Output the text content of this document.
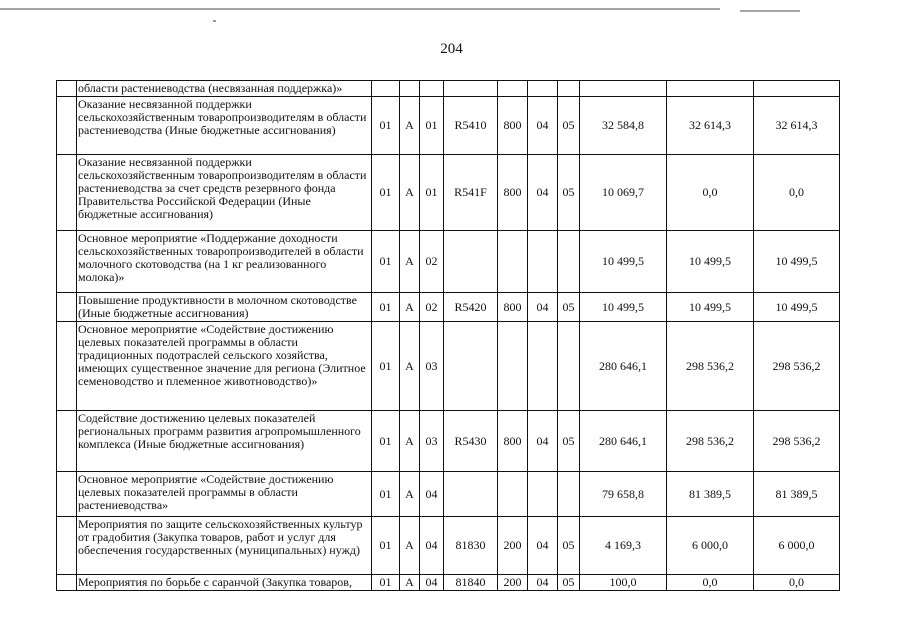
204
	области растениеводства (несвязанная поддержка)»										
	Оказание несвязанной поддержки сельскохозяйственным товаропроизводителям в области растениеводства (Иные бюджетные ассигнования)	01	А	01	R5410	800	04	05	32 584,8	32 614,3	32 614,3
	Оказание несвязанной поддержки сельскохозяйственным товаропроизводителям в области растениеводства за счет средств резервного фонда Правительства Российской Федерации (Иные бюджетные ассигнования)	01	А	01	R541F	800	04	05	10 069,7	0,0	0,0
	Основное мероприятие «Поддержание доходности сельскохозяйственных товаропроизводителей в области молочного скотоводства (на 1 кг реализованного молока)»	01	А	02					10 499,5	10 499,5	10 499,5
	Повышение продуктивности в молочном скотоводстве (Иные бюджетные ассигнования)	01	А	02	R5420	800	04	05	10 499,5	10 499,5	10 499,5
	Основное мероприятие «Содействие достижению целевых показателей программы в области традиционных подотраслей сельского хозяйства, имеющих существенное значение для региона (Элитное семеноводство и племенное животноводство)»	01	А	03					280 646,1	298 536,2	298 536,2
	Содействие достижению целевых показателей региональных программ развития агропромышленного комплекса (Иные бюджетные ассигнования)	01	А	03	R5430	800	04	05	280 646,1	298 536,2	298 536,2
	Основное мероприятие «Содействие достижению целевых показателей программы в области растениеводства»	01	А	04					79 658,8	81 389,5	81 389,5
	Мероприятия по защите сельскохозяйственных культур от градобития (Закупка товаров, работ и услуг для обеспечения государственных (муниципальных) нужд)	01	А	04	81830	200	04	05	4 169,3	6 000,0	6 000,0
	Мероприятия по борьбе с саранчой (Закупка товаров,	01	А	04	81840	200	04	05	100,0	0,0	0,0
